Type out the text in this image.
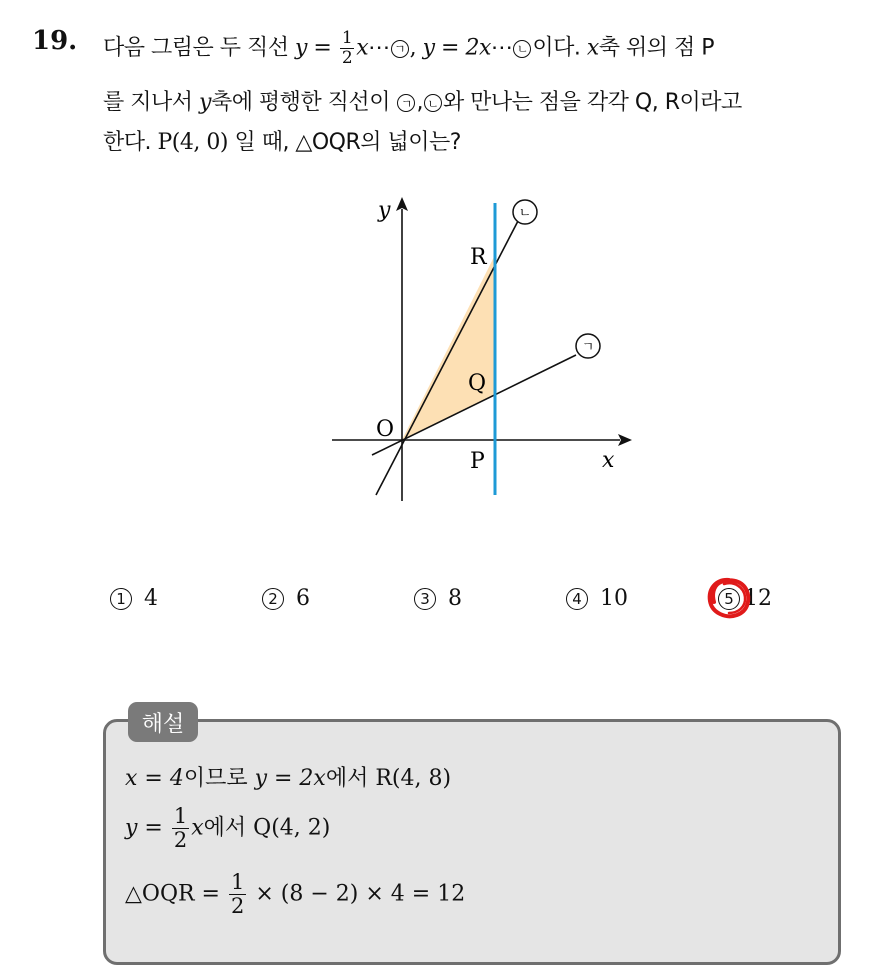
19. 다음 그림은 두 직선 $y = \frac{1}{2}$ x⋯ ㄱ , y = 2x⋯ ㄴ 이다. x축 위의 점 P
를 지나서 y축에 평행한 직선이 ㄱ , ㄴ 와 만나는 점을 각각 Q, R이라고
한다. P(4, 0) 일 때, △OQR의 넓이는?
y
x
O
P
Q
R
ㄴ
ㄱ
1 4	2 6	3 8	4 10	5 12
해설
x = 4이므로 y = 2x에서 R(4, 8)
$y = \frac{1}{2}$ x에서 Q(4, 2)
△OQR = $\frac{1}{2} \times (8 - 2) \times 4 = 12$
